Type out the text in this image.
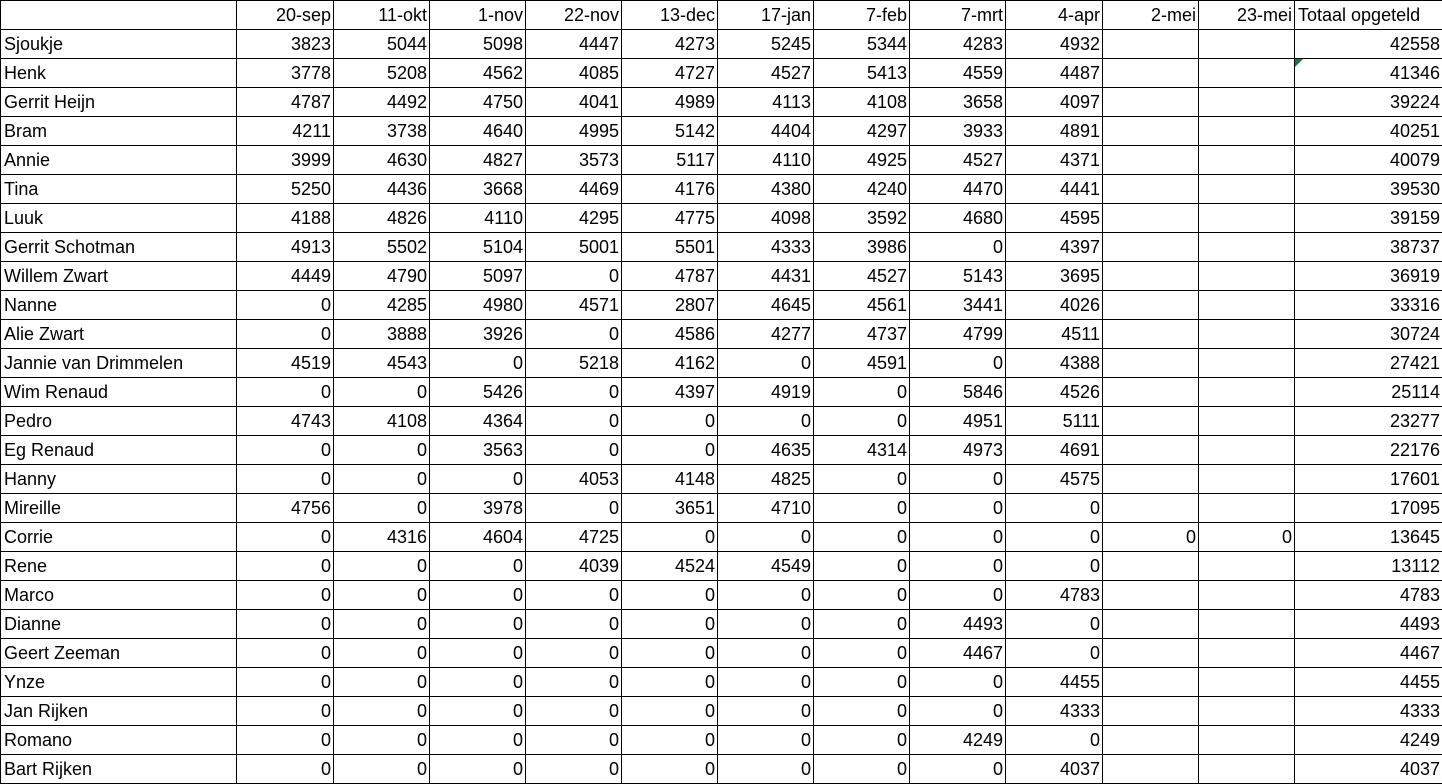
	20-sep	11-okt	1-nov	22-nov	13-dec	17-jan	7-feb	7-mrt	4-apr	2-mei	23-mei	Totaal opgeteld
Sjoukje	3823	5044	5098	4447	4273	5245	5344	4283	4932			42558
Henk	3778	5208	4562	4085	4727	4527	5413	4559	4487			41346
Gerrit Heijn	4787	4492	4750	4041	4989	4113	4108	3658	4097			39224
Bram	4211	3738	4640	4995	5142	4404	4297	3933	4891			40251
Annie	3999	4630	4827	3573	5117	4110	4925	4527	4371			40079
Tina	5250	4436	3668	4469	4176	4380	4240	4470	4441			39530
Luuk	4188	4826	4110	4295	4775	4098	3592	4680	4595			39159
Gerrit Schotman	4913	5502	5104	5001	5501	4333	3986	0	4397			38737
Willem Zwart	4449	4790	5097	0	4787	4431	4527	5143	3695			36919
Nanne	0	4285	4980	4571	2807	4645	4561	3441	4026			33316
Alie Zwart	0	3888	3926	0	4586	4277	4737	4799	4511			30724
Jannie van Drimmelen	4519	4543	0	5218	4162	0	4591	0	4388			27421
Wim Renaud	0	0	5426	0	4397	4919	0	5846	4526			25114
Pedro	4743	4108	4364	0	0	0	0	4951	5111			23277
Eg Renaud	0	0	3563	0	0	4635	4314	4973	4691			22176
Hanny	0	0	0	4053	4148	4825	0	0	4575			17601
Mireille	4756	0	3978	0	3651	4710	0	0	0			17095
Corrie	0	4316	4604	4725	0	0	0	0	0	0	0	13645
Rene	0	0	0	4039	4524	4549	0	0	0			13112
Marco	0	0	0	0	0	0	0	0	4783			4783
Dianne	0	0	0	0	0	0	0	4493	0			4493
Geert Zeeman	0	0	0	0	0	0	0	4467	0			4467
Ynze	0	0	0	0	0	0	0	0	4455			4455
Jan Rijken	0	0	0	0	0	0	0	0	4333			4333
Romano	0	0	0	0	0	0	0	4249	0			4249
Bart Rijken	0	0	0	0	0	0	0	0	4037			4037
